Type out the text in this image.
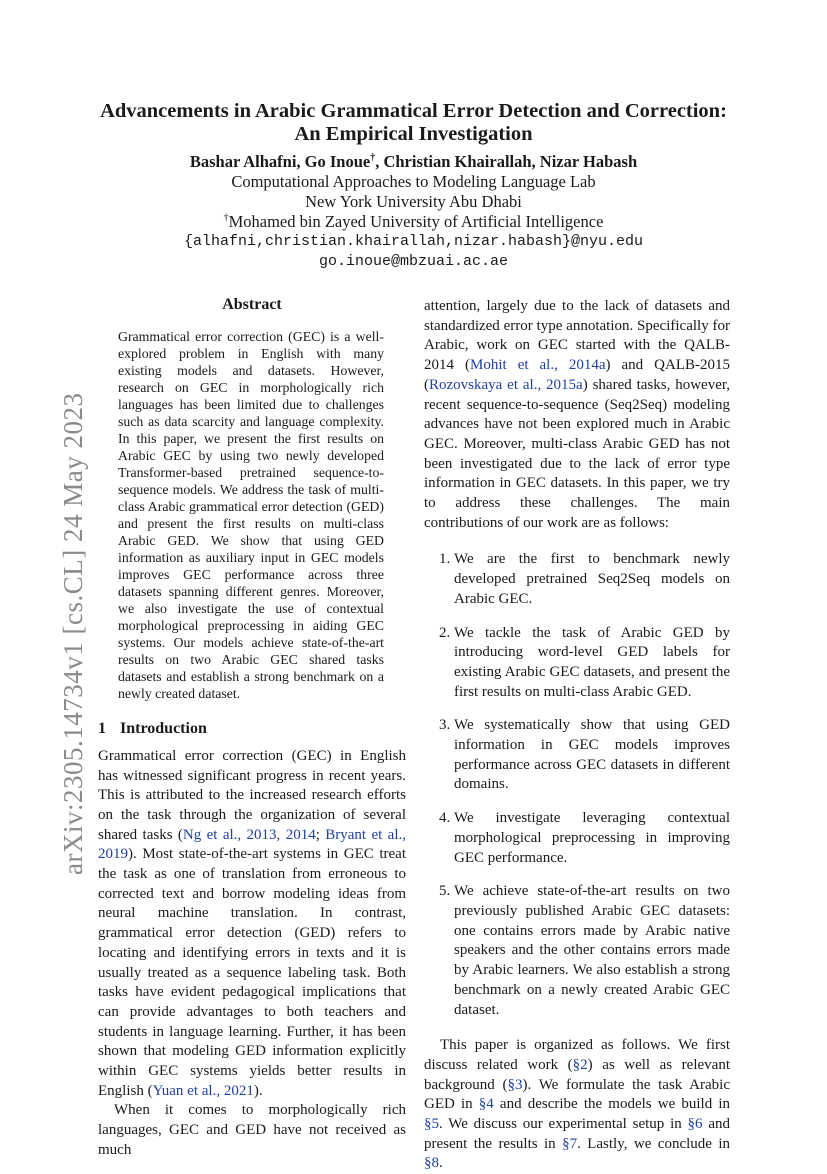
arXiv:2305.14734v1 [cs.CL] 24 May 2023
Advancements in Arabic Grammatical Error Detection and Correction:
An Empirical Investigation
Bashar Alhafni, Go Inoue†, Christian Khairallah, Nizar Habash
Computational Approaches to Modeling Language Lab
New York University Abu Dhabi
†Mohamed bin Zayed University of Artificial Intelligence
{alhafni,christian.khairallah,nizar.habash}@nyu.edu
go.inoue@mbzuai.ac.ae
Abstract

Grammatical error correction (GEC) is a well-explored problem in English with many existing models and datasets. However, research on GEC in morphologically rich languages has been limited due to challenges such as data scarcity and language complexity. In this paper, we present the first results on Arabic GEC by using two newly developed Transformer-based pretrained sequence-to-sequence models. We address the task of multi-class Arabic grammatical error detection (GED) and present the first results on multi-class Arabic GED. We show that using GED information as auxiliary input in GEC models improves GEC performance across three datasets spanning different genres. Moreover, we also investigate the use of contextual morphological preprocessing in aiding GEC systems. Our models achieve state-of-the-art results on two Arabic GEC shared tasks datasets and establish a strong benchmark on a newly created dataset.

1 Introduction

Grammatical error correction (GEC) in English has witnessed significant progress in recent years. This is attributed to the increased research efforts on the task through the organization of several shared tasks (Ng et al., 2013, 2014; Bryant et al., 2019). Most state-of-the-art systems in GEC treat the task as one of translation from erroneous to corrected text and borrow modeling ideas from neural machine translation. In contrast, grammatical error detection (GED) refers to locating and identifying errors in texts and it is usually treated as a sequence labeling task. Both tasks have evident pedagogical implications that can provide advantages to both teachers and students in language learning. Further, it has been shown that modeling GED information explicitly within GEC systems yields better results in English (Yuan et al., 2021).

When it comes to morphologically rich languages, GEC and GED have not received as much

attention, largely due to the lack of datasets and standardized error type annotation. Specifically for Arabic, work on GEC started with the QALB-2014 (Mohit et al., 2014a) and QALB-2015 (Rozovskaya et al., 2015a) shared tasks, however, recent sequence-to-sequence (Seq2Seq) modeling advances have not been explored much in Arabic GEC. Moreover, multi-class Arabic GED has not been investigated due to the lack of error type information in GEC datasets. In this paper, we try to address these challenges. The main contributions of our work are as follows:

1. We are the first to benchmark newly developed pretrained Seq2Seq models on Arabic GEC.
2. We tackle the task of Arabic GED by introducing word-level GED labels for existing Arabic GEC datasets, and present the first results on multi-class Arabic GED.
3. We systematically show that using GED information in GEC models improves performance across GEC datasets in different domains.
4. We investigate leveraging contextual morphological preprocessing in improving GEC performance.
5. We achieve state-of-the-art results on two previously published Arabic GEC datasets: one contains errors made by Arabic native speakers and the other contains errors made by Arabic learners. We also establish a strong benchmark on a newly created Arabic GEC dataset.

This paper is organized as follows. We first discuss related work (§2) as well as relevant background (§3). We formulate the task Arabic GED in §4 and describe the models we build in §5. We discuss our experimental setup in §6 and present the results in §7. Lastly, we conclude in §8.
